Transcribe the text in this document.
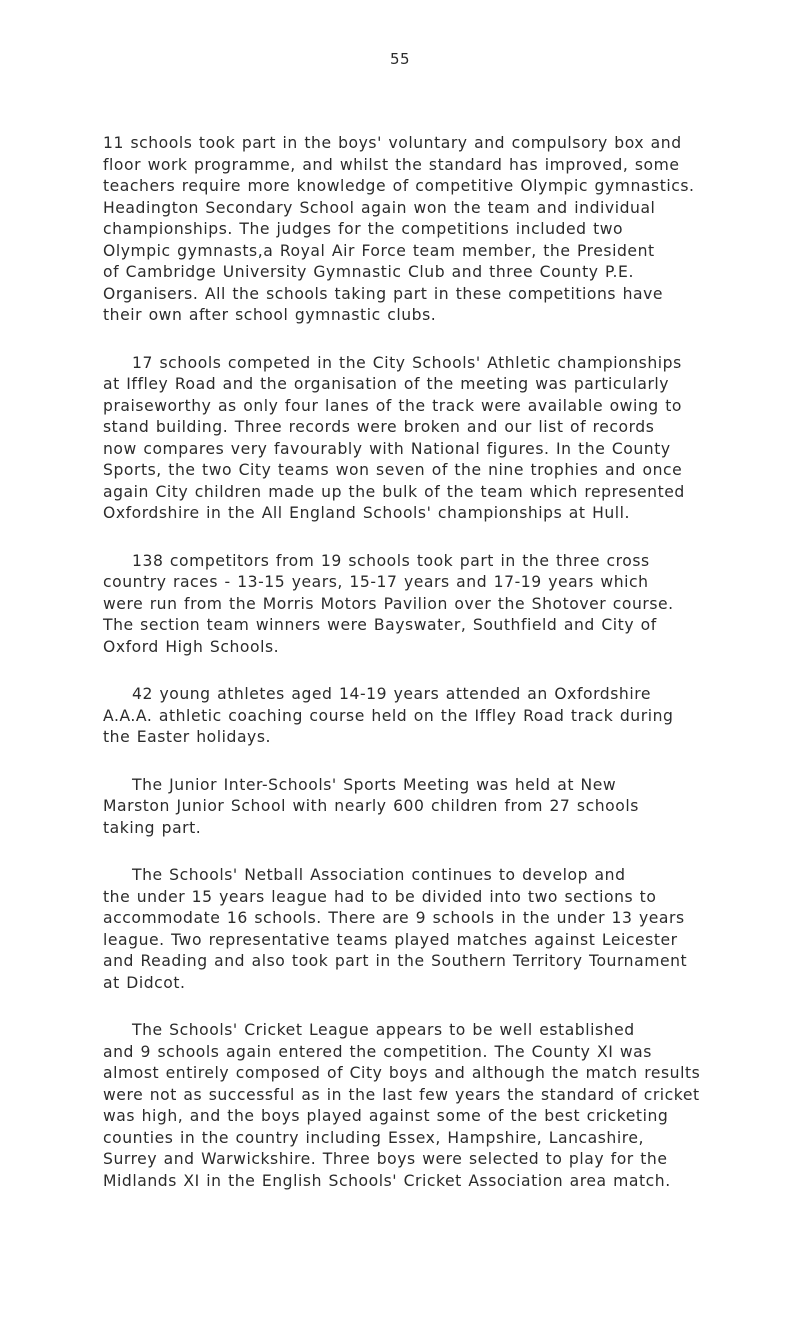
55
11 schools took part in the boys' voluntary and compulsory box and
floor work programme, and whilst the standard has improved, some
teachers require more knowledge of competitive Olympic gymnastics.
Headington Secondary School again won the team and individual
championships. The judges for the competitions included two
Olympic gymnasts,a Royal Air Force team member, the President
of Cambridge University Gymnastic Club and three County P.E.
Organisers. All the schools taking part in these competitions have
their own after school gymnastic clubs.
17 schools competed in the City Schools' Athletic championships
at Iffley Road and the organisation of the meeting was particularly
praiseworthy as only four lanes of the track were available owing to
stand building. Three records were broken and our list of records
now compares very favourably with National figures. In the County
Sports, the two City teams won seven of the nine trophies and once
again City children made up the bulk of the team which represented
Oxfordshire in the All England Schools' championships at Hull.
138 competitors from 19 schools took part in the three cross
country races - 13-15 years, 15-17 years and 17-19 years which
were run from the Morris Motors Pavilion over the Shotover course.
The section team winners were Bayswater, Southfield and City of
Oxford High Schools.
42 young athletes aged 14-19 years attended an Oxfordshire
A.A.A. athletic coaching course held on the Iffley Road track during
the Easter holidays.
The Junior Inter-Schools' Sports Meeting was held at New
Marston Junior School with nearly 600 children from 27 schools
taking part.
The Schools' Netball Association continues to develop and
the under 15 years league had to be divided into two sections to
accommodate 16 schools. There are 9 schools in the under 13 years
league. Two representative teams played matches against Leicester
and Reading and also took part in the Southern Territory Tournament
at Didcot.
The Schools' Cricket League appears to be well established
and 9 schools again entered the competition. The County XI was
almost entirely composed of City boys and although the match results
were not as successful as in the last few years the standard of cricket
was high, and the boys played against some of the best cricketing
counties in the country including Essex, Hampshire, Lancashire,
Surrey and Warwickshire. Three boys were selected to play for the
Midlands XI in the English Schools' Cricket Association area match.
